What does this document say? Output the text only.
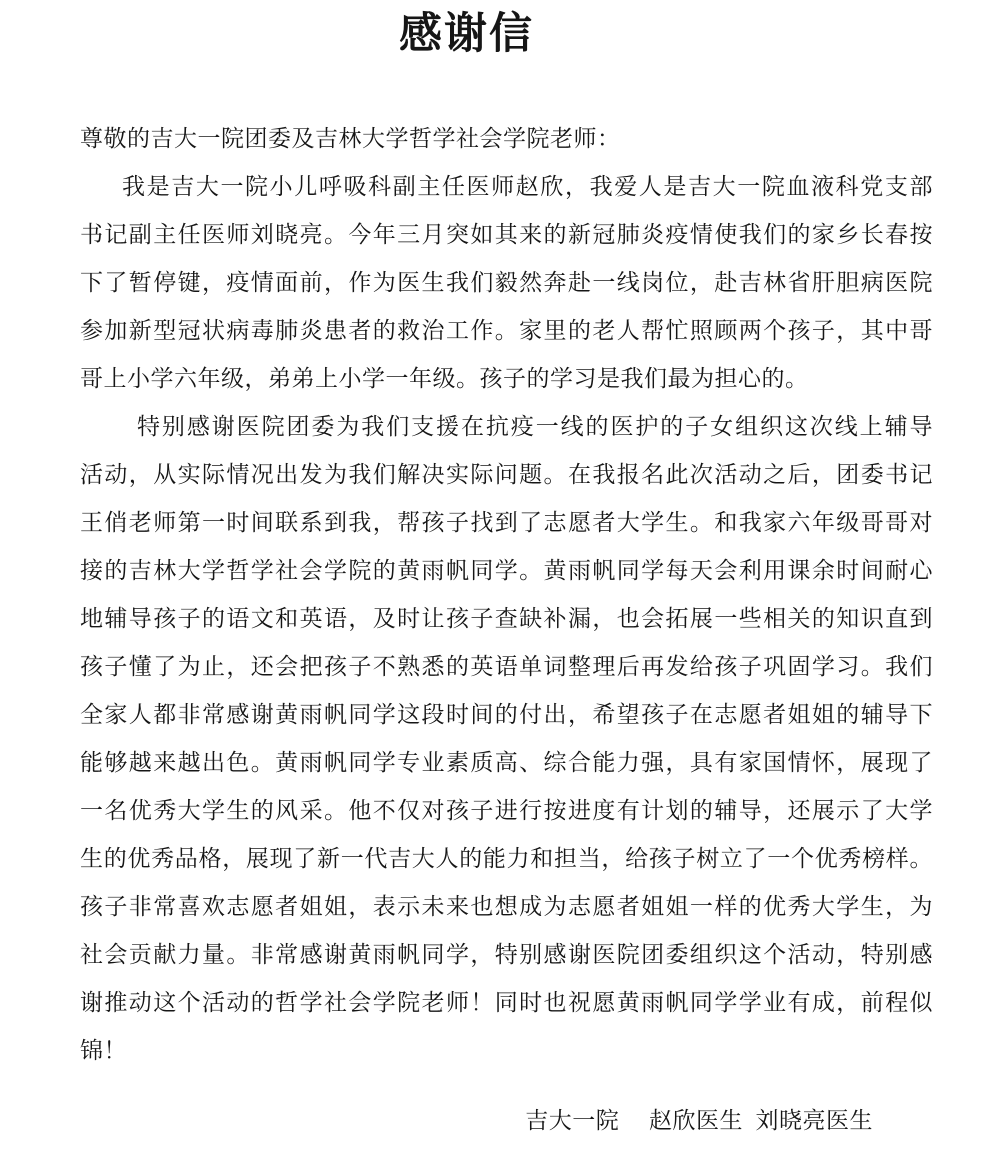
感谢信
尊敬的吉大一院团委及吉林大学哲学社会学院老师：
我是吉大一院小儿呼吸科副主任医师赵欣，我爱人是吉大一院血液科党支部
书记副主任医师刘晓亮。今年三月突如其来的新冠肺炎疫情使我们的家乡长春按
下了暂停键，疫情面前，作为医生我们毅然奔赴一线岗位，赴吉林省肝胆病医院
参加新型冠状病毒肺炎患者的救治工作。家里的老人帮忙照顾两个孩子，其中哥
哥上小学六年级，弟弟上小学一年级。孩子的学习是我们最为担心的。
特别感谢医院团委为我们支援在抗疫一线的医护的子女组织这次线上辅导
活动，从实际情况出发为我们解决实际问题。在我报名此次活动之后，团委书记
王俏老师第一时间联系到我，帮孩子找到了志愿者大学生。和我家六年级哥哥对
接的吉林大学哲学社会学院的黄雨帆同学。黄雨帆同学每天会利用课余时间耐心
地辅导孩子的语文和英语，及时让孩子查缺补漏，也会拓展一些相关的知识直到
孩子懂了为止，还会把孩子不熟悉的英语单词整理后再发给孩子巩固学习。我们
全家人都非常感谢黄雨帆同学这段时间的付出，希望孩子在志愿者姐姐的辅导下
能够越来越出色。黄雨帆同学专业素质高、综合能力强，具有家国情怀，展现了
一名优秀大学生的风采。他不仅对孩子进行按进度有计划的辅导，还展示了大学
生的优秀品格，展现了新一代吉大人的能力和担当，给孩子树立了一个优秀榜样。
孩子非常喜欢志愿者姐姐，表示未来也想成为志愿者姐姐一样的优秀大学生，为
社会贡献力量。非常感谢黄雨帆同学，特别感谢医院团委组织这个活动，特别感
谢推动这个活动的哲学社会学院老师！同时也祝愿黄雨帆同学学业有成，前程似
锦！
吉大一院　 赵欣医生  刘晓亮医生
